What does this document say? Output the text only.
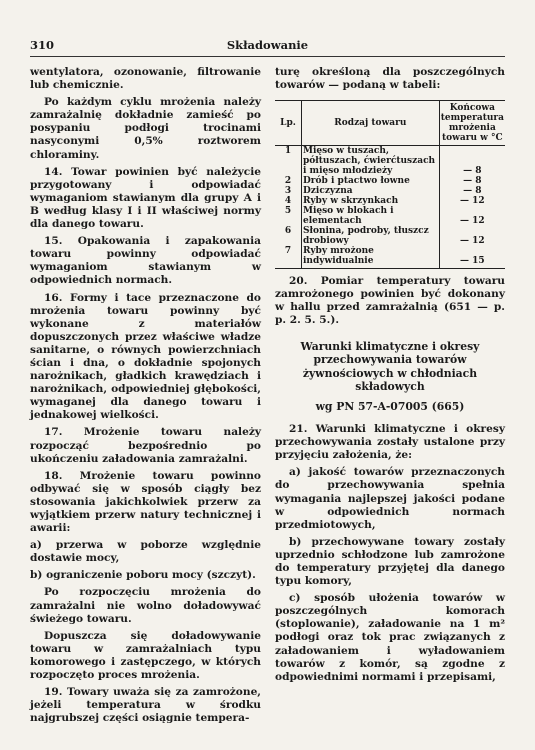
310	Składowanie

wentylatora, ozonowanie, filtrowanie lub chemicznie.

Po każdym cyklu mrożenia należy zamrażalnię dokładnie zamieść po posypaniu podłogi trocinami nasyconymi 0,5% roztworem chloraminy.

14. Towar powinien być należycie przygotowany i odpowiadać wymaganiom stawianym dla grupy A i B według klasy I i II właściwej normy dla danego towaru.

15. Opakowania i zapakowania towaru powinny odpowiadać wymaganiom stawianym w odpowiednich normach.

16. Formy i tace przeznaczone do mrożenia towaru powinny być wykonane z materiałów dopuszczonych przez właściwe władze sanitarne, o równych powierzchniach ścian i dna, o dokładnie spojonych narożnikach, gładkich krawędziach i narożnikach, odpowiedniej głębokości, wymaganej dla danego towaru i jednakowej wielkości.

17. Mrożenie towaru należy rozpocząć bezpośrednio po ukończeniu załadowania zamrażalni.

18. Mrożenie towaru powinno odbywać się w sposób ciągły bez stosowania jakichkolwiek przerw za wyjątkiem przerw natury technicznej i awarii:

a) przerwa w poborze względnie dostawie mocy,

b) ograniczenie poboru mocy (szczyt).

Po rozpoczęciu mrożenia do zamrażalni nie wolno doładowywać świeżego towaru.

Dopuszcza się doładowywanie towaru w zamrażalniach typu komorowego i zastępczego, w których rozpoczęto proces mrożenia.

19. Towary uważa się za zamrożone, jeżeli temperatura w środku najgrubszej części osiągnie tempera-

turę określoną dla poszczególnych towarów — podaną w tabeli:

Lp.	Rodzaj towaru	Końcowa temperatura mrożenia towaru w °C
1	Mięso w tuszach, półtuszach, ćwierćtuszach i mięso młodzieży	— 8
2	Drób i ptactwo łowne	— 8
3	Dziczyzna	— 8
4	Ryby w skrzynkach	— 12
5	Mięso w blokach i elementach	— 12
6	Słonina, podroby, tłuszcz drobiowy	— 12
7	Ryby mrożone indywidualnie	— 15

20. Pomiar temperatury towaru zamrożonego powinien być dokonany w hallu przed zamrażalnią (651 — p. p. 2. 5. 5.).

Warunki klimatyczne i okresy przechowywania towarów żywnościowych w chłodniach składowych
wg PN 57-A-07005 (665)

21. Warunki klimatyczne i okresy przechowywania zostały ustalone przy przyjęciu założenia, że:

a) jakość towarów przeznaczonych do przechowywania spełnia wymagania najlepszej jakości podane w odpowiednich normach przedmiotowych,

b) przechowywane towary zostały uprzednio schłodzone lub zamrożone do temperatury przyjętej dla danego typu komory,

c) sposób ułożenia towarów w poszczególnych komorach (stoplowanie), załadowanie na 1 m² podłogi oraz tok prac związanych z załadowaniem i wyładowaniem towarów z komór, są zgodne z odpowiednimi normami i przepisami,
